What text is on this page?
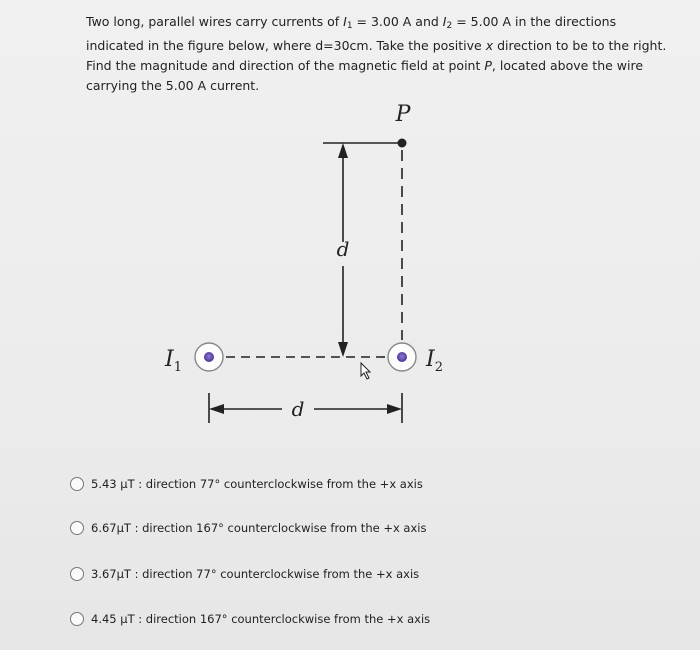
Two long, parallel wires carry currents of $I_1 = 3.00$ A and $I_2 = 5.00$ A in the directions indicated in the figure below, where d=30cm. Take the positive x direction to be to the right. Find the magnitude and direction of the magnetic field at point P, located above the wire carrying the 5.00 A current.
P
d
$I_1$	$I_2$
d
5.43 µT : direction 77° counterclockwise from the +x axis
6.67µT : direction 167° counterclockwise from the +x axis
3.67µT : direction 77° counterclockwise from the +x axis
4.45 µT : direction 167° counterclockwise from the +x axis
